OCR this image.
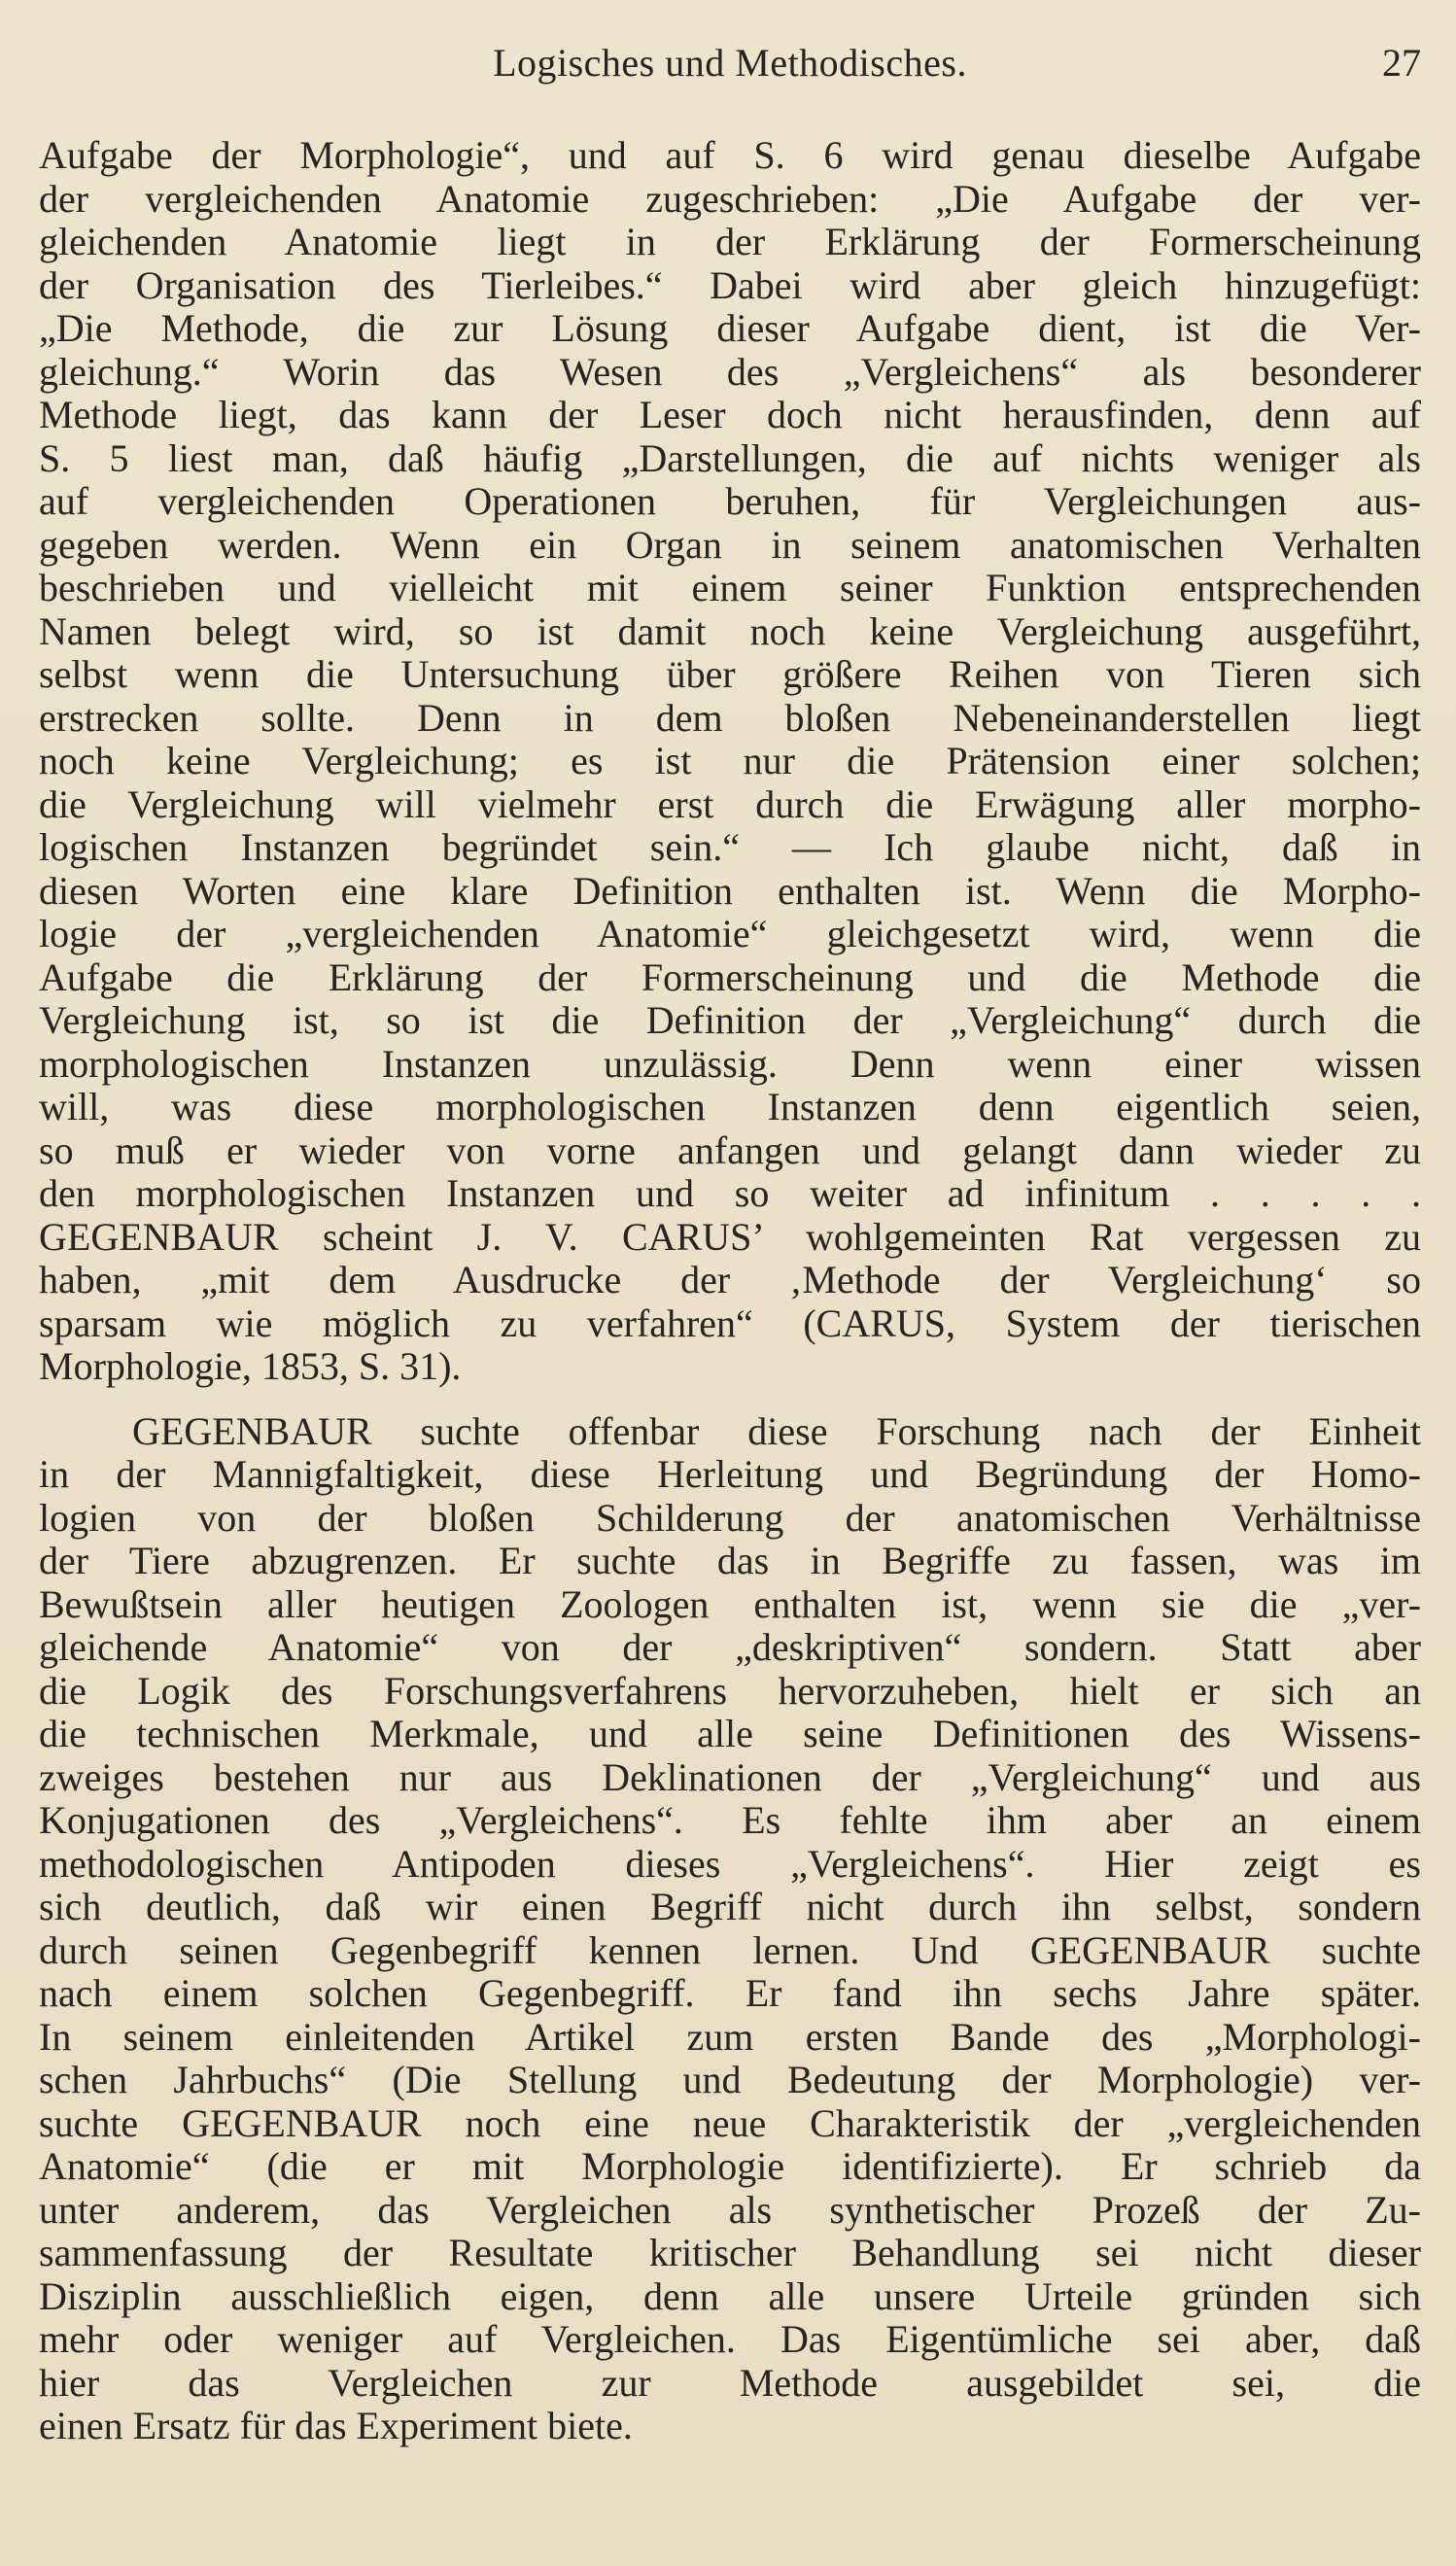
Logisches und Methodisches.	27
Aufgabe der Morphologie“, und auf S. 6 wird genau dieselbe Aufgabe
der vergleichenden Anatomie zugeschrieben: „Die Aufgabe der ver-
gleichenden Anatomie liegt in der Erklärung der Formerscheinung
der Organisation des Tierleibes.“ Dabei wird aber gleich hinzugefügt:
„Die Methode, die zur Lösung dieser Aufgabe dient, ist die Ver-
gleichung.“ Worin das Wesen des „Vergleichens“ als besonderer
Methode liegt, das kann der Leser doch nicht herausfinden, denn auf
S. 5 liest man, daß häufig „Darstellungen, die auf nichts weniger als
auf vergleichenden Operationen beruhen, für Vergleichungen aus-
gegeben werden. Wenn ein Organ in seinem anatomischen Verhalten
beschrieben und vielleicht mit einem seiner Funktion entsprechenden
Namen belegt wird, so ist damit noch keine Vergleichung ausgeführt,
selbst wenn die Untersuchung über größere Reihen von Tieren sich
erstrecken sollte. Denn in dem bloßen Nebeneinanderstellen liegt
noch keine Vergleichung; es ist nur die Prätension einer solchen;
die Vergleichung will vielmehr erst durch die Erwägung aller morpho-
logischen Instanzen begründet sein.“ — Ich glaube nicht, daß in
diesen Worten eine klare Definition enthalten ist. Wenn die Morpho-
logie der „vergleichenden Anatomie“ gleichgesetzt wird, wenn die
Aufgabe die Erklärung der Formerscheinung und die Methode die
Vergleichung ist, so ist die Definition der „Vergleichung“ durch die
morphologischen Instanzen unzulässig. Denn wenn einer wissen
will, was diese morphologischen Instanzen denn eigentlich seien,
so muß er wieder von vorne anfangen und gelangt dann wieder zu
den morphologischen Instanzen und so weiter ad infinitum . . . . .
GEGENBAUR scheint J. V. CARUS’ wohlgemeinten Rat vergessen zu
haben, „mit dem Ausdrucke der ‚Methode der Vergleichung‘ so
sparsam wie möglich zu verfahren“ (CARUS, System der tierischen
Morphologie, 1853, S. 31).
GEGENBAUR suchte offenbar diese Forschung nach der Einheit
in der Mannigfaltigkeit, diese Herleitung und Begründung der Homo-
logien von der bloßen Schilderung der anatomischen Verhältnisse
der Tiere abzugrenzen. Er suchte das in Begriffe zu fassen, was im
Bewußtsein aller heutigen Zoologen enthalten ist, wenn sie die „ver-
gleichende Anatomie“ von der „deskriptiven“ sondern. Statt aber
die Logik des Forschungsverfahrens hervorzuheben, hielt er sich an
die technischen Merkmale, und alle seine Definitionen des Wissens-
zweiges bestehen nur aus Deklinationen der „Vergleichung“ und aus
Konjugationen des „Vergleichens“. Es fehlte ihm aber an einem
methodologischen Antipoden dieses „Vergleichens“. Hier zeigt es
sich deutlich, daß wir einen Begriff nicht durch ihn selbst, sondern
durch seinen Gegenbegriff kennen lernen. Und GEGENBAUR suchte
nach einem solchen Gegenbegriff. Er fand ihn sechs Jahre später.
In seinem einleitenden Artikel zum ersten Bande des „Morphologi-
schen Jahrbuchs“ (Die Stellung und Bedeutung der Morphologie) ver-
suchte GEGENBAUR noch eine neue Charakteristik der „vergleichenden
Anatomie“ (die er mit Morphologie identifizierte). Er schrieb da
unter anderem, das Vergleichen als synthetischer Prozeß der Zu-
sammenfassung der Resultate kritischer Behandlung sei nicht dieser
Disziplin ausschließlich eigen, denn alle unsere Urteile gründen sich
mehr oder weniger auf Vergleichen. Das Eigentümliche sei aber, daß
hier das Vergleichen zur Methode ausgebildet sei, die
einen Ersatz für das Experiment biete.
